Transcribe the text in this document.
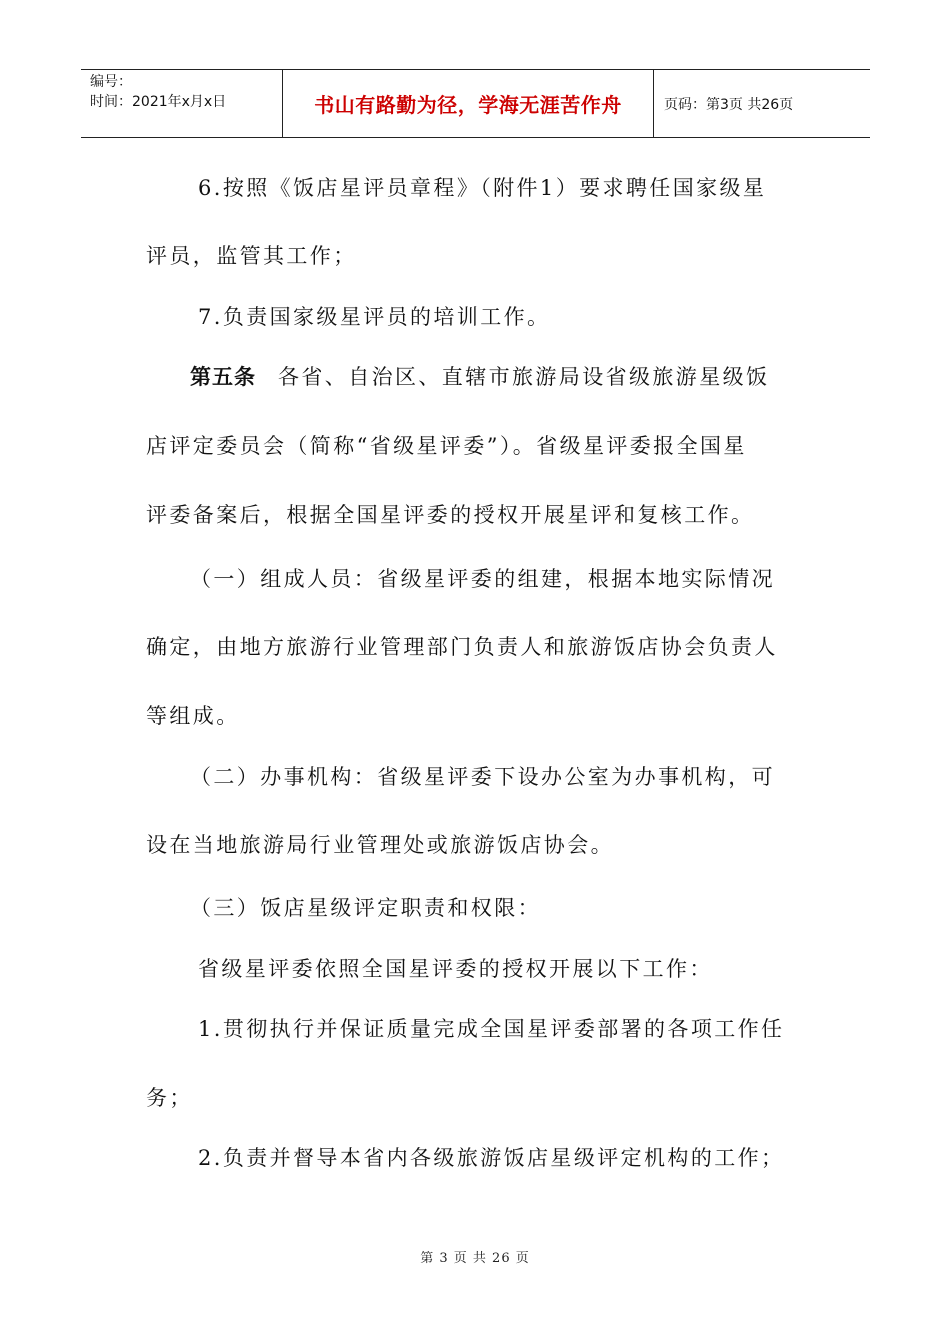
编号：
时间：2021年x月x日	书山有路勤为径，学海无涯苦作舟	页码：第3页 共26页
6.按照《饭店星评员章程》（附件1）要求聘任国家级星
评员，监管其工作；
7.负责国家级星评员的培训工作。
第五条 各省、自治区、直辖市旅游局设省级旅游星级饭
店评定委员会（简称“省级星评委”）。省级星评委报全国星
评委备案后，根据全国星评委的授权开展星评和复核工作。
（一）组成人员：省级星评委的组建，根据本地实际情况
确定，由地方旅游行业管理部门负责人和旅游饭店协会负责人
等组成。
（二）办事机构：省级星评委下设办公室为办事机构，可
设在当地旅游局行业管理处或旅游饭店协会。
（三）饭店星级评定职责和权限：
省级星评委依照全国星评委的授权开展以下工作：
1.贯彻执行并保证质量完成全国星评委部署的各项工作任
务；
2.负责并督导本省内各级旅游饭店星级评定机构的工作；
第 3 页 共 26 页
